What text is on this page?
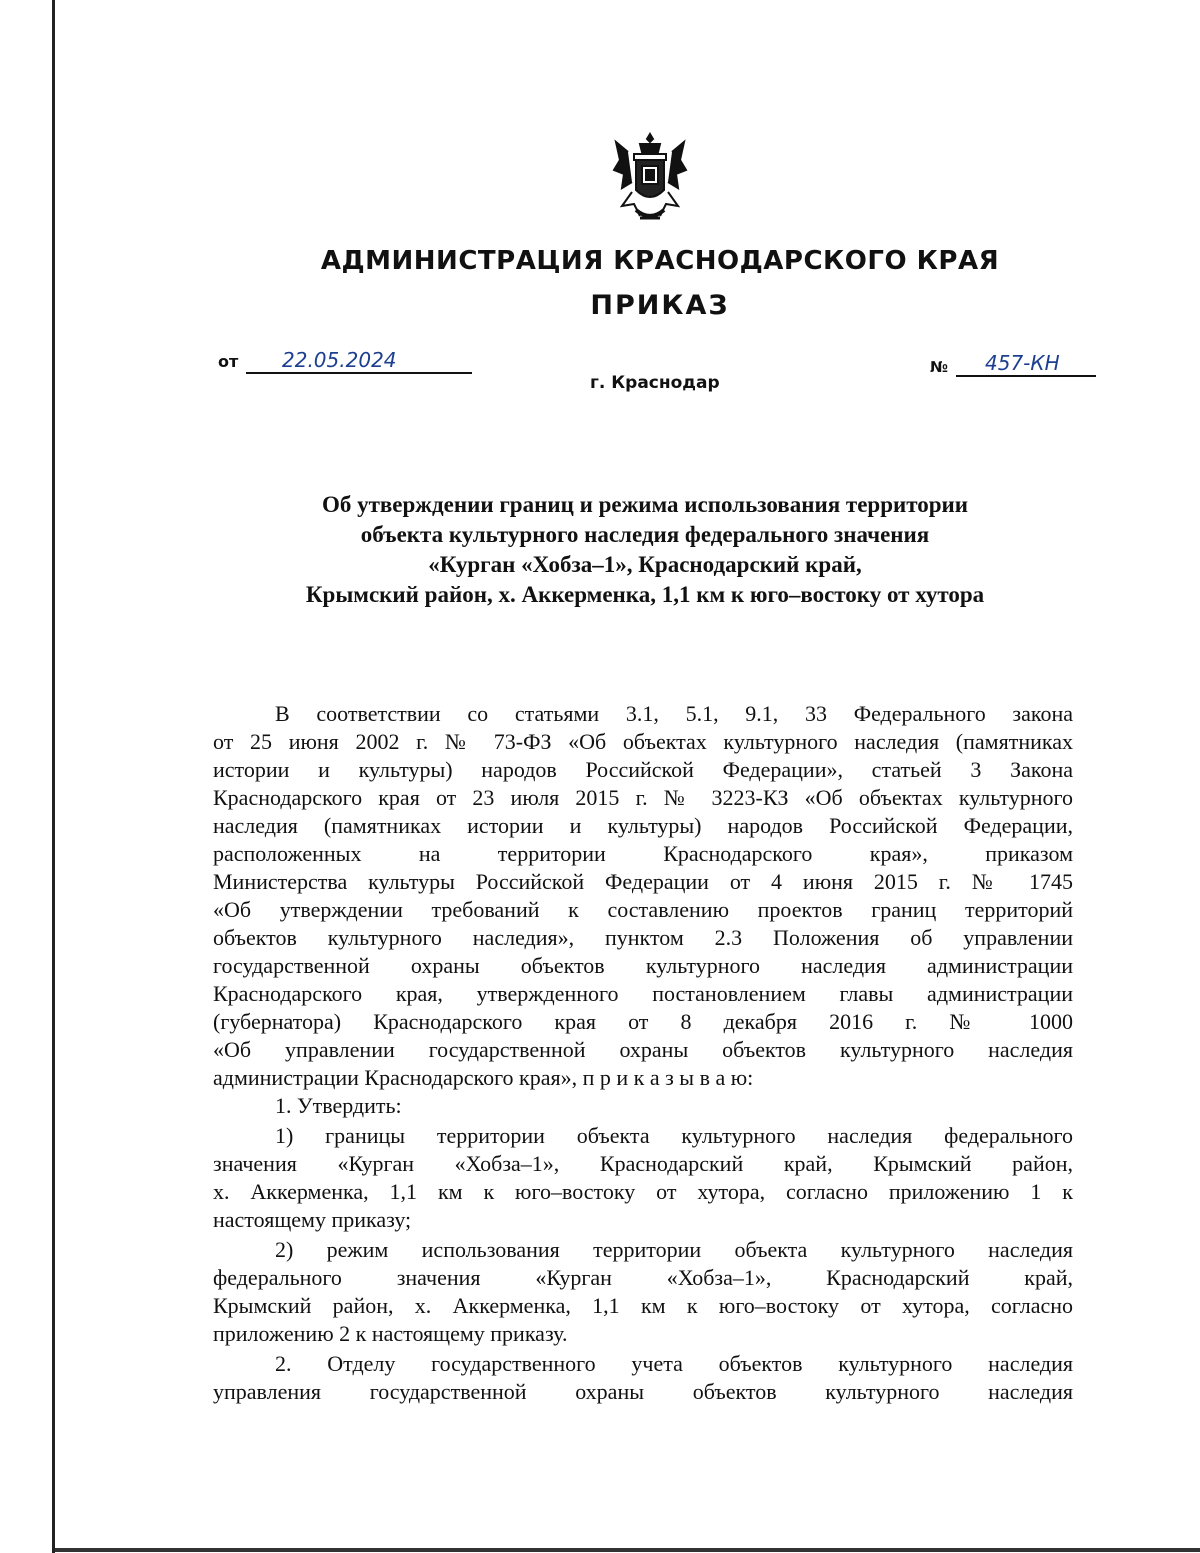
АДМИНИСТРАЦИЯ КРАСНОДАРСКОГО КРАЯ
ПРИКАЗ
от 22.05.2024
г. Краснодар
№ 457-КН
Об утверждении границ и режима использования территории
объекта культурного наследия федерального значения
«Курган «Хобза–1», Краснодарский край,
Крымский район, х. Аккерменка, 1,1 км к юго–востоку от хутора
В соответствии со статьями 3.1, 5.1, 9.1, 33 Федерального закона
от 25 июня 2002 г. № 73-ФЗ «Об объектах культурного наследия (памятниках
истории и культуры) народов Российской Федерации», статьей 3 Закона
Краснодарского края от 23 июля 2015 г. № 3223-КЗ «Об объектах культурного
наследия (памятниках истории и культуры) народов Российской Федерации,
расположенных на территории Краснодарского края», приказом
Министерства культуры Российской Федерации от 4 июня 2015 г. № 1745
«Об утверждении требований к составлению проектов границ территорий
объектов культурного наследия», пунктом 2.3 Положения об управлении
государственной охраны объектов культурного наследия администрации
Краснодарского края, утвержденного постановлением главы администрации
(губернатора) Краснодарского края от 8 декабря 2016 г. № 1000
«Об управлении государственной охраны объектов культурного наследия
администрации Краснодарского края», п р и к а з ы в а ю:
1. Утвердить:
1) границы территории объекта культурного наследия федерального
значения «Курган «Хобза–1», Краснодарский край, Крымский район,
х. Аккерменка, 1,1 км к юго–востоку от хутора, согласно приложению 1 к
настоящему приказу;
2) режим использования территории объекта культурного наследия
федерального значения «Курган «Хобза–1», Краснодарский край,
Крымский район, х. Аккерменка, 1,1 км к юго–востоку от хутора, согласно
приложению 2 к настоящему приказу.
2. Отделу государственного учета объектов культурного наследия
управления государственной охраны объектов культурного наследия
